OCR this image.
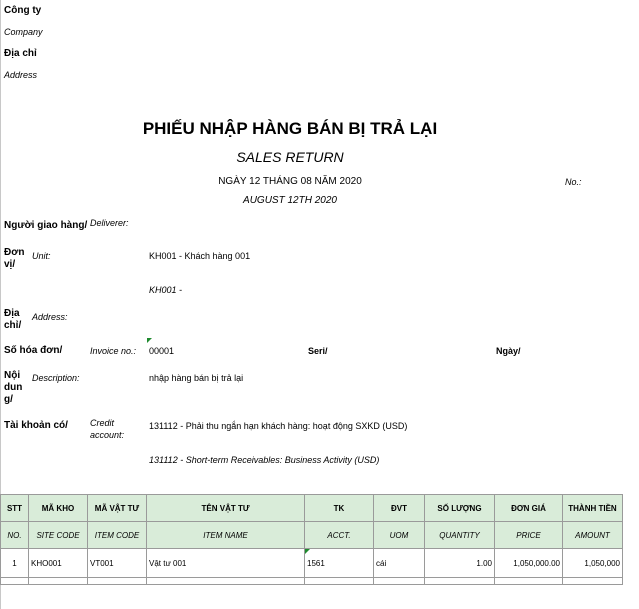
Công ty
Company
Địa chỉ
Address
PHIẾU NHẬP HÀNG BÁN BỊ TRẢ LẠI
SALES RETURN
NGÀY 12 THÁNG 08 NĂM 2020
AUGUST 12TH 2020
No.:
Người giao hàng/ Deliverer:
Đơn
vị/
Unit:	KH001 - Khách hàng 001
KH001 -
Địa
chỉ/
Address:
Số hóa đơn/	Invoice no.: 00001	Seri/	Ngày/
Nội
dun
g/
Description:	nhập hàng bán bị trả lại
Tài khoản có/ Credit
account:
131112 - Phải thu ngắn hạn khách hàng: hoạt động SXKD (USD)
131112 - Short-term Receivables: Business Activity (USD)
STT	MÃ KHO	MÃ VẬT TƯ	TÊN VẬT TƯ	TK	ĐVT	SỐ LƯỢNG	ĐƠN GIÁ	THÀNH TIỀN
NO.	SITE CODE	ITEM CODE	ITEM NAME	ACCT.	UOM	QUANTITY	PRICE	AMOUNT
1	KHO001	VT001	Vật tư 001	1561	cái	1.00	1,050,000.00	1,050,000
